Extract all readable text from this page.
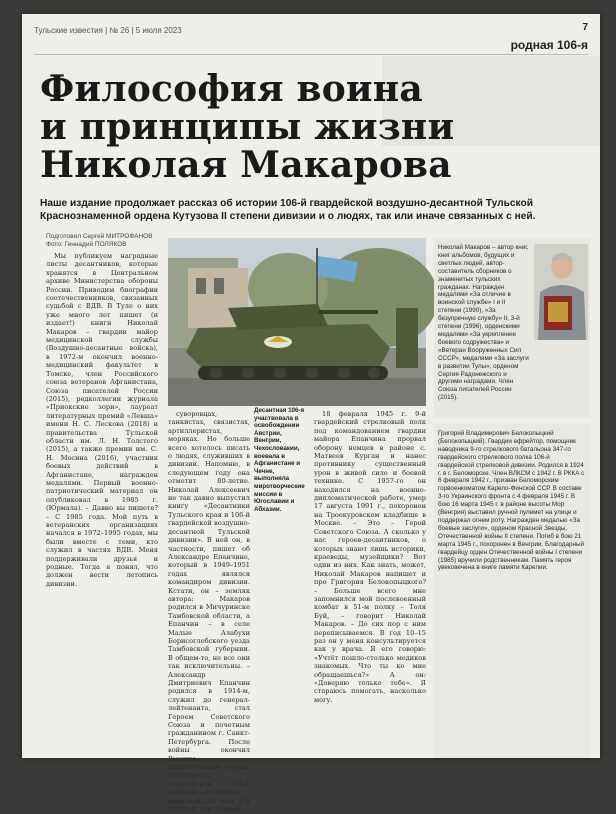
Тульские известия | № 26 | 5 июля 2023	7
родная 106-я
Философия воина
и принципы жизни
Николая Макарова
Наше издание продолжает рассказ об истории 106-й гвардейской воздушно-десантной Тульской Краснознаменной ордена Кутузова II степени дивизии и о людях, так или иначе связанных с ней.
Подготовил Сергей МИТРОФАНОВ
Фото: Геннадий ПОЛЯКОВ

Мы публикуем наградные листы десантников, которые хранятся в Центральном архиве Министерства обороны России. Приводим биографии соотечественников, связанных судьбой с ВДВ. В Туле о них уже много лет пишет (и издает!) книги Николай Макаров – гвардии майор медицинской службы (Воздушно-десантные войска), в 1972-м окончил военно-медицинский факультет в Томске, член Российского союза ветеранов Афганистана, Союза писателей России (2015), редколлегии журнала «Приокские зори», лауреат литературных премий «Левша» имени Н. С. Лескова (2018) и правительства Тульской области им. Л. Н. Толстого (2015), а также премии им. С. Н. Мосина (2016), участник боевых действий в Афганистане, награжден медалями. Первый военно-патриотический материал он опубликовал в 1985 г. (Юрмала). – Давно вы пишете? – С 1985 года. Мой путь в ветеранских организациях начался в 1972–1995 годах, мы были вместе с теми, кто служил в частях ВДВ. Меня поддерживали друзья и родные. Тогда я понял, что должен вести летопись дивизии.

Десантная 106-я участвовала в освобождении Австрии, Венгрии, Чехословакии, воевала в Афганистане и Чечне, выполняла миротворческие миссии в Югославии и Абхазии.

суворовцах, танкистах, связистах, артиллеристах, моряках. Но больше всего хотелось писать о людях, служивших в дивизии. Напомню, в следующем году она отметит 80-летие. Николай Алексеевич не так давно выпустил книгу «Десантники Тульского края и 106-й гвардейской воздушно-десантной Тульской дивизии». В ней он, в частности, пишет об Александре Епанчине, который в 1949–1951 годах являлся командиром дивизии. Кстати, он – земляк автора: Макаров родился в Мичуринске Тамбовской области, а Епанчин – в селе Малые Алабухи Борисоглебского уезда Тамбовской губернии. В общем-то, не все они так исключительны. – Александр Дмитриевич Епанчин родился в 1914-м, служил до генерал-лейтенанта, стал Героем Советского Союза и почетным гражданином г. Санкт-Петербурга. После войны окончил Высшие академические курсы, командовал гвардейской 106-й воздушно-десантной дивизией (29 лет), 4-й гвардейской армией.

18 февраля 1945 г. 9-й гвардейский стрелковый полк под командованием гвардии майора Епанчина прорвал оборону немцев в районе с. Матвеев Курган и нанес противнику существенный урон в живой силе и боевой технике. С 1957-го он находился на военно-дипломатической работе, умер 17 августа 1991 г., похоронен на Троекуровском кладбище в Москве. – Это – Герой Советского Союза. А сколько у нас героев-десантников, о которых знают лишь историки, краеведы, музейщики? Вот один из них. Как знать, может, Николай Макаров напишет и про Григория Белокопыцкого? – Больше всего мне запомнился мой послевоенный комбат в 51-м полку – Толя Буй, – говорит Николай Макаров. – До сих пор с ним переписываемся. В год 10–15 раз он у меня консультируется как у врача. Я его говорю: «Учтёт пошло-столько медиков знакомых. Что ты ко мне обращаешься?» А он: «Доверяю только тебе». Я стараюсь помогать, насколько могу.

Николай Макаров – автор книг, книг альбомов, будущих и светлых людей, автор-составитель сборников о знаменитых тульских гражданах. Награжден медалями «За отличие в воинской службе» I и II степени (1990), «За безупречную службу» II, 3-й степени (1996), орденскими медалями «За укрепление боевого содружества» и «Ветеран Вооруженных Сил СССР», медалями «За заслуги в развитии Тулы», орденом Сергия Радонежского и другими наградами. Член Союза писателей России (2015).
Григорий Владимирович Белокопыцкий (Белокопыцкий). Гвардии ефрейтор, помощник наводчика 9-го стрелкового батальона 347-го гвардейского стрелкового полка 106-й гвардейской стрелковой дивизии. Родился в 1924 г. в г. Беломорске. Член ВЛКСМ с 1942 г. В РККА с 6 февраля 1942 г., призван Беломорским горвоенкоматом Карело-Финской ССР. В составе 3-го Украинского фронта с 4 февраля 1945 г. В бою 16 марта 1945 г. в районе высоты Мор (Венгрия) выставил ручной пулемет на улице и поддержал огнем роту. Награжден медалью «За боевые заслуги», орденом Красной Звезды, Отечественной войны II степени. Погиб в бою 21 марта 1945 г., похоронен в Венгрии. Благодарный гвардейцу орден Отечественной войны I степени (1985) вручили родственникам. Память героя увековечена в книге памяти Карелии.
